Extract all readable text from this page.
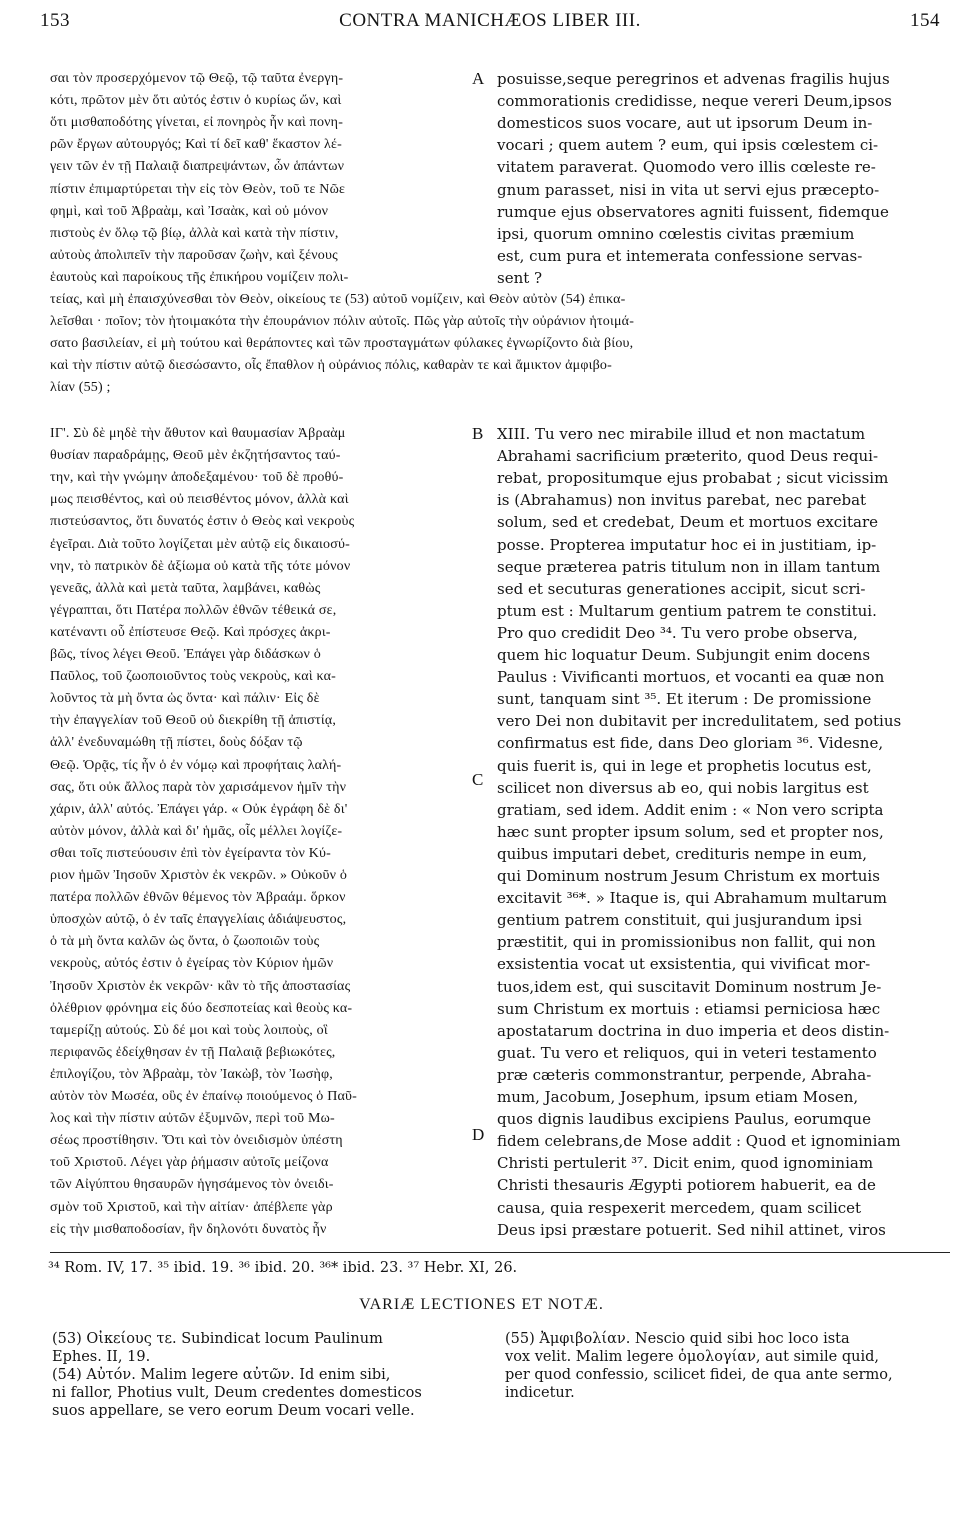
153	CONTRA MANICHÆOS LIBER III.	154
σαι τὸν προσερχόμενον τῷ Θεῷ, τῷ ταῦτα ἐνεργη-
κότι, πρῶτον μὲν ὅτι αὐτός ἐστιν ὁ κυρίως ὤν, καὶ
ὅτι μισθαποδότης γίνεται, εἰ πονηρὸς ἦν καὶ πονη-
ρῶν ἔργων αὐτουργός; Καὶ τί δεῖ καθ' ἕκαστον λέ-
γειν τῶν ἐν τῇ Παλαιᾷ διαπρεψάντων, ὧν ἁπάντων
πίστιν ἐπιμαρτύρεται τὴν εἰς τὸν Θεὸν, τοῦ τε Νῶε
φημὶ, καὶ τοῦ Ἀβραὰμ, καὶ Ἰσαὰκ, καὶ οὐ μόνον
πιστοὺς ἐν ὅλῳ τῷ βίῳ, ἀλλὰ καὶ κατὰ τὴν πίστιν,
αὐτοὺς ἀπολιπεῖν τὴν παροῦσαν ζωὴν, καὶ ξένους
ἑαυτοὺς καὶ παροίκους τῆς ἐπικήρου νομίζειν πολι-
posuisse,seque peregrinos et advenas fragilis hujus
commorationis credidisse, neque vereri Deum,ipsos
domesticos suos vocare, aut ut ipsorum Deum in-
vocari ; quem autem ? eum, qui ipsis cœlestem ci-
vitatem paraverat. Quomodo vero illis cœleste re-
gnum parasset, nisi in vita ut servi ejus præcepto-
rumque ejus observatores agniti fuissent, fidemque
ipsi, quorum omnino cœlestis civitas præmium
est, cum pura et intemerata confessione servas-
sent ?
τείας, καὶ μὴ ἐπαισχύνεσθαι τὸν Θεὸν, οἰκείους τε (53) αὐτοῦ νομίζειν, καὶ Θεὸν αὐτὸν (54) ἐπικα-
λεῖσθαι · ποῖον; τὸν ἡτοιμακότα τὴν ἐπουράνιον πόλιν αὐτοῖς. Πῶς γὰρ αὐτοῖς τὴν οὐράνιον ἡτοιμά-
σατο βασιλείαν, εἰ μὴ τούτου καὶ θεράποντες καὶ τῶν προσταγμάτων φύλακες ἐγνωρίζοντο διὰ βίου,
καὶ τὴν πίστιν αὐτῷ διεσώσαντο, οἷς ἔπαθλον ἡ οὐράνιος πόλις, καθαρὰν τε καὶ ἄμικτον ἀμφιβο-
λίαν (55) ;
ΙΓ'. Σὺ δὲ μηδὲ τὴν ἄθυτον καὶ θαυμασίαν Ἀβραὰμ
θυσίαν παραδράμῃς, Θεοῦ μὲν ἐκζητήσαντος ταύ-
την, καὶ τὴν γνώμην ἀποδεξαμένου· τοῦ δὲ προθύ-
μως πεισθέντος, καὶ οὐ πεισθέντος μόνον, ἀλλὰ καὶ
πιστεύσαντος, ὅτι δυνατός ἐστιν ὁ Θεὸς καὶ νεκροὺς
ἐγεῖραι. Διὰ τοῦτο λογίζεται μὲν αὐτῷ εἰς δικαιοσύ-
νην, τὸ πατρικὸν δὲ ἀξίωμα οὐ κατὰ τῆς τότε μόνον
γενεᾶς, ἀλλὰ καὶ μετὰ ταῦτα, λαμβάνει, καθὼς
γέγραπται, ὅτι Πατέρα πολλῶν ἐθνῶν τέθεικά σε,
κατέναντι οὗ ἐπίστευσε Θεῷ. Καὶ πρόσχες ἀκρι-
βῶς, τίνος λέγει Θεοῦ. Ἐπάγει γὰρ διδάσκων ὁ
Παῦλος, τοῦ ζωοποιοῦντος τοὺς νεκροὺς, καὶ κα-
λοῦντος τὰ μὴ ὄντα ὡς ὄντα· καὶ πάλιν· Εἰς δὲ
τὴν ἐπαγγελίαν τοῦ Θεοῦ οὐ διεκρίθη τῇ ἀπιστίᾳ,
ἀλλ' ἐνεδυναμώθη τῇ πίστει, δοὺς δόξαν τῷ
Θεῷ. Ὁρᾷς, τίς ἦν ὁ ἐν νόμῳ καὶ προφήταις λαλή-
σας, ὅτι οὐκ ἄλλος παρὰ τὸν χαρισάμενον ἡμῖν τὴν
χάριν, ἀλλ' αὐτός. Ἐπάγει γάρ. « Οὐκ ἐγράφη δὲ δι'
αὐτὸν μόνον, ἀλλὰ καὶ δι' ἡμᾶς, οἷς μέλλει λογίζε-
σθαι τοῖς πιστεύουσιν ἐπὶ τὸν ἐγείραντα τὸν Κύ-
ριον ἡμῶν Ἰησοῦν Χριστὸν ἐκ νεκρῶν. » Οὐκοῦν ὁ
πατέρα πολλῶν ἐθνῶν θέμενος τὸν Ἀβραάμ. ὅρκον
ὑποσχὼν αὐτῷ, ὁ ἐν ταῖς ἐπαγγελίαις ἀδιάψευστος,
ὁ τὰ μὴ ὄντα καλῶν ὡς ὄντα, ὁ ζωοποιῶν τοὺς
νεκροὺς, αὐτός ἐστιν ὁ ἐγείρας τὸν Κύριον ἡμῶν
Ἰησοῦν Χριστὸν ἐκ νεκρῶν· κἂν τὸ τῆς ἀποστασίας
ὀλέθριον φρόνημα εἰς δύο δεσποτείας καὶ θεοὺς κα-
ταμερίζῃ αὐτούς. Σὺ δέ μοι καὶ τοὺς λοιποὺς, οἳ
περιφανῶς ἐδείχθησαν ἐν τῇ Παλαιᾷ βεβιωκότες,
ἐπιλογίζου, τὸν Ἀβραὰμ, τὸν Ἰακὼβ, τὸν Ἰωσὴφ,
αὐτὸν τὸν Μωσέα, οὓς ἐν ἐπαίνῳ ποιούμενος ὁ Παῦ-
λος καὶ τὴν πίστιν αὐτῶν ἐξυμνῶν, περὶ τοῦ Μω-
σέως προστίθησιν. Ὅτι καὶ τὸν ὀνειδισμὸν ὑπέστη
τοῦ Χριστοῦ. Λέγει γὰρ ῥήμασιν αὐτοῖς μείζονα
τῶν Αἰγύπτου θησαυρῶν ἡγησάμενος τὸν ὀνειδι-
σμὸν τοῦ Χριστοῦ, καὶ τὴν αἰτίαν· ἀπέβλεπε γὰρ
εἰς τὴν μισθαποδοσίαν, ἣν δηλονότι δυνατὸς ἦν
XIII. Tu vero nec mirabile illud et non mactatum
Abrahami sacrificium præterito, quod Deus requi-
rebat, propositumque ejus probabat ; sicut vicissim
is (Abrahamus) non invitus parebat, nec parebat
solum, sed et credebat, Deum et mortuos excitare
posse. Propterea imputatur hoc ei in justitiam, ip-
seque præterea patris titulum non in illam tantum
sed et secuturas generationes accipit, sicut scri-
ptum est : Multarum gentium patrem te constitui.
Pro quo credidit Deo ³⁴. Tu vero probe observa,
quem hic loquatur Deum. Subjungit enim docens
Paulus : Vivificanti mortuos, et vocanti ea quæ non
sunt, tanquam sint ³⁵. Et iterum : De promissione
vero Dei non dubitavit per incredulitatem, sed potius
confirmatus est fide, dans Deo gloriam ³⁶. Videsne,
quis fuerit is, qui in lege et prophetis locutus est,
scilicet non diversus ab eo, qui nobis largitus est
gratiam, sed idem. Addit enim : « Non vero scripta
hæc sunt propter ipsum solum, sed et propter nos,
quibus imputari debet, credituris nempe in eum,
qui Dominum nostrum Jesum Christum ex mortuis
excitavit ³⁶*. » Itaque is, qui Abrahamum multarum
gentium patrem constituit, qui jusjurandum ipsi
præstitit, qui in promissionibus non fallit, qui non
exsistentia vocat ut exsistentia, qui vivificat mor-
tuos,idem est, qui suscitavit Dominum nostrum Je-
sum Christum ex mortuis : etiamsi perniciosa hæc
apostatarum doctrina in duo imperia et deos distin-
guat. Tu vero et reliquos, qui in veteri testamento
præ cæteris commonstrantur, perpende, Abraha-
mum, Jacobum, Josephum, ipsum etiam Mosen,
quos dignis laudibus excipiens Paulus, eorumque
fidem celebrans,de Mose addit : Quod et ignominiam
Christi pertulerit ³⁷. Dicit enim, quod ignominiam
Christi thesauris Ægypti potiorem habuerit, ea de
causa, quia respexerit mercedem, quam scilicet
Deus ipsi præstare potuerit. Sed nihil attinet, viros
A
B
C
D
³⁴ Rom. IV, 17. ³⁵ ibid. 19. ³⁶ ibid. 20. ³⁶* ibid. 23. ³⁷ Hebr. XI, 26.
VARIÆ LECTIONES ET NOTÆ.
(53) Οἰκείους τε. Subindicat locum Paulinum
Ephes. II, 19.
(54) Αὐτόν. Malim legere αὐτῶν. Id enim sibi,
ni fallor, Photius vult, Deum credentes domesticos
suos appellare, se vero eorum Deum vocari velle.
(55) Ἀμφιβολίαν. Nescio quid sibi hoc loco ista
vox velit. Malim legere ὁμολογίαν, aut simile quid,
per quod confessio, scilicet fidei, de qua ante sermo,
indicetur.
